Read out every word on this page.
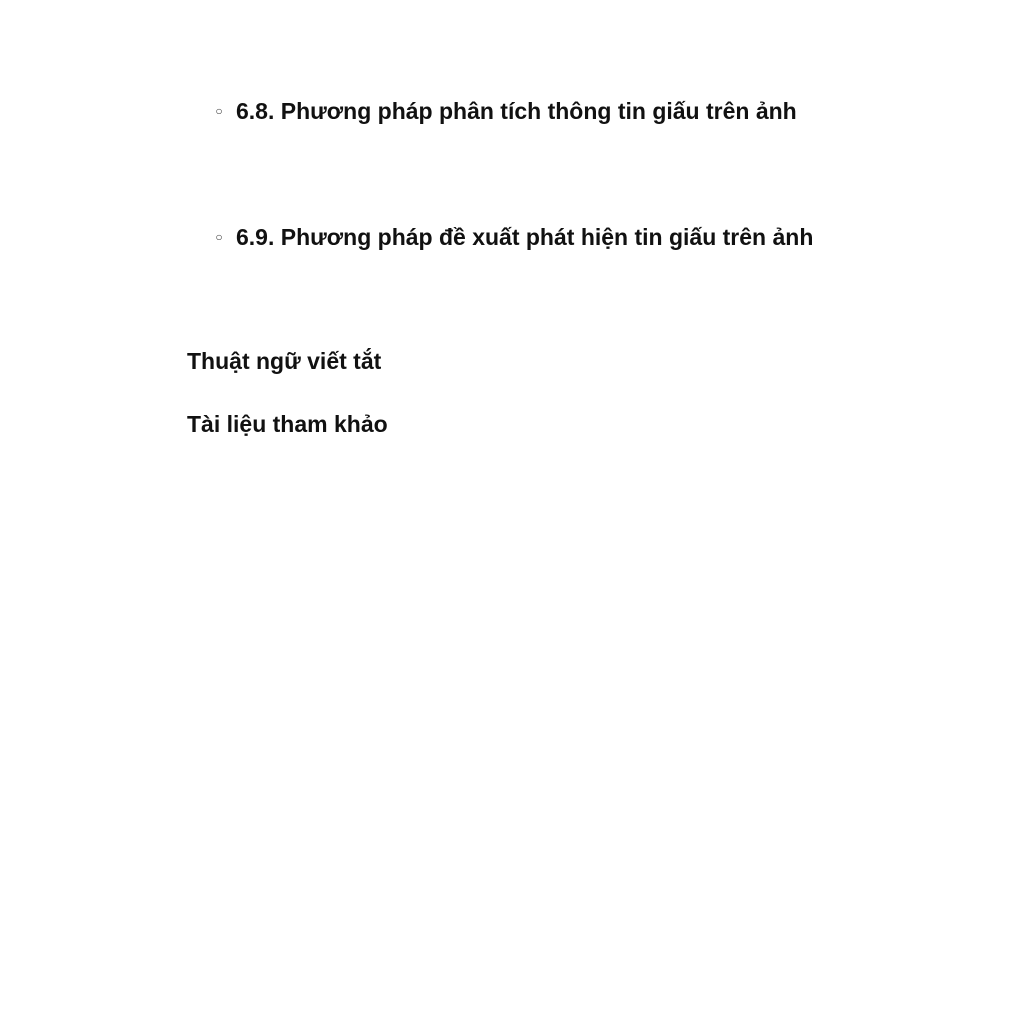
○ 6.8. Phương pháp phân tích thông tin giấu trên ảnh
○ 6.9. Phương pháp đề xuất phát hiện tin giấu trên ảnh
Thuật ngữ viết tắt
Tài liệu tham khảo
